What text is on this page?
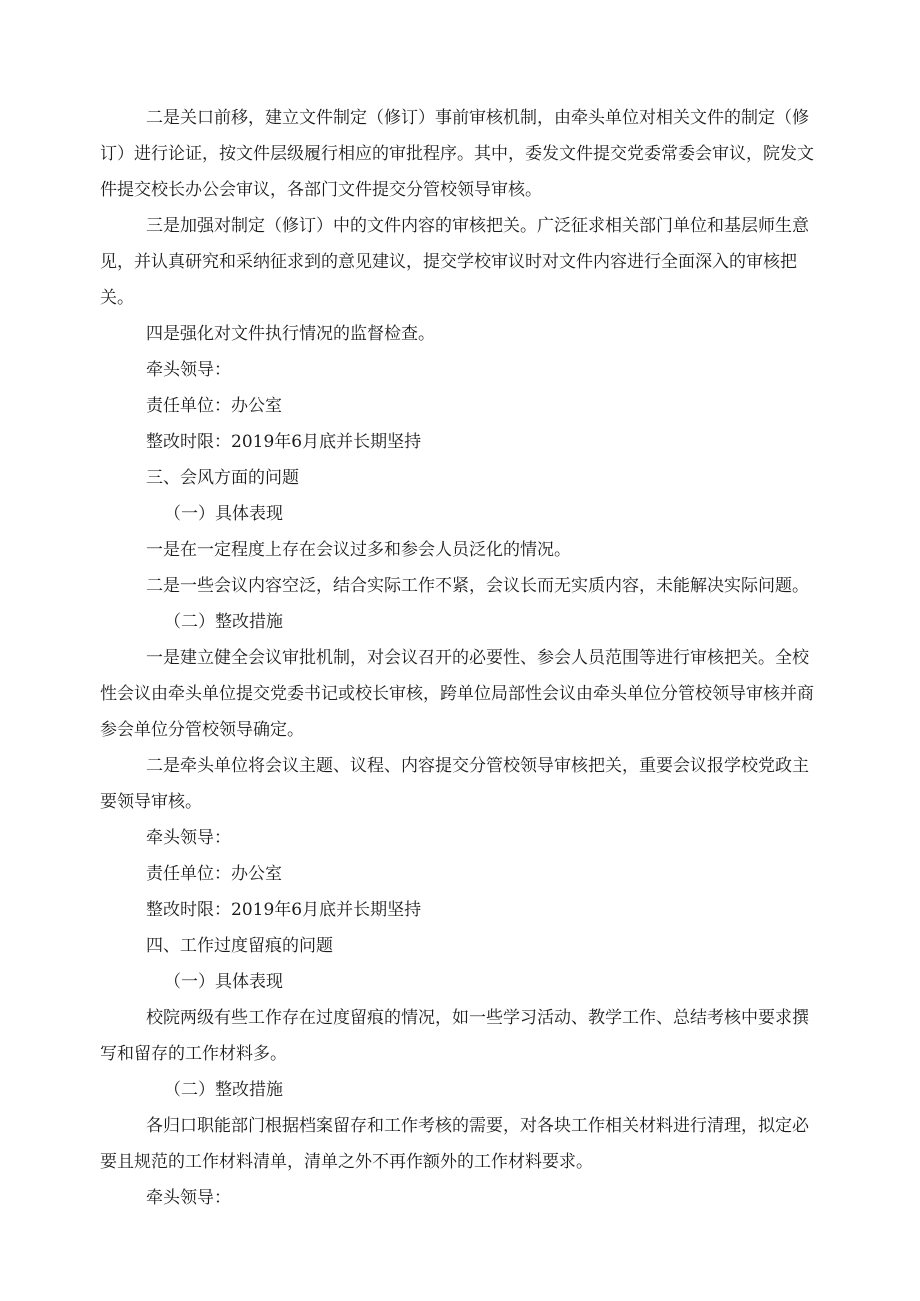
二是关口前移，建立文件制定（修订）事前审核机制，由牵头单位对相关文件的制定（修订）进行论证，按文件层级履行相应的审批程序。其中，委发文件提交党委常委会审议，院发文件提交校长办公会审议，各部门文件提交分管校领导审核。

三是加强对制定（修订）中的文件内容的审核把关。广泛征求相关部门单位和基层师生意见，并认真研究和采纳征求到的意见建议，提交学校审议时对文件内容进行全面深入的审核把关。

四是强化对文件执行情况的监督检查。

牵头领导：

责任单位：办公室

整改时限：2019年6月底并长期坚持

三、会风方面的问题

（一）具体表现

一是在一定程度上存在会议过多和参会人员泛化的情况。

二是一些会议内容空泛，结合实际工作不紧，会议长而无实质内容，未能解决实际问题。

（二）整改措施

一是建立健全会议审批机制，对会议召开的必要性、参会人员范围等进行审核把关。全校性会议由牵头单位提交党委书记或校长审核，跨单位局部性会议由牵头单位分管校领导审核并商参会单位分管校领导确定。

二是牵头单位将会议主题、议程、内容提交分管校领导审核把关，重要会议报学校党政主要领导审核。

牵头领导：

责任单位：办公室

整改时限：2019年6月底并长期坚持

四、工作过度留痕的问题

（一）具体表现

校院两级有些工作存在过度留痕的情况，如一些学习活动、教学工作、总结考核中要求撰写和留存的工作材料多。

（二）整改措施

各归口职能部门根据档案留存和工作考核的需要，对各块工作相关材料进行清理，拟定必要且规范的工作材料清单，清单之外不再作额外的工作材料要求。

牵头领导：
